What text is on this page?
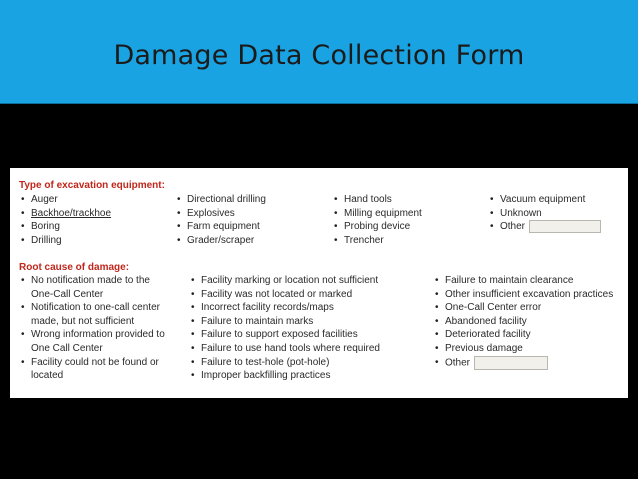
Damage Data Collection Form
Type of excavation equipment:
• Auger
• Backhoe/trackhoe
• Boring
• Drilling
• Directional drilling
• Explosives
• Farm equipment
• Grader/scraper
• Hand tools
• Milling equipment
• Probing device
• Trencher
• Vacuum equipment
• Unknown
• Other
Root cause of damage:
• No notification made to the
One-Call Center
• Notification to one-call center
made, but not sufficient
• Wrong information provided to
One Call Center
• Facility could not be found or
located
• Facility marking or location not sufficient
• Facility was not located or marked
• Incorrect facility records/maps
• Failure to maintain marks
• Failure to support exposed facilities
• Failure to use hand tools where required
• Failure to test-hole (pot-hole)
• Improper backfilling practices
• Failure to maintain clearance
• Other insufficient excavation practices
• One-Call Center error
• Abandoned facility
• Deteriorated facility
• Previous damage
• Other
